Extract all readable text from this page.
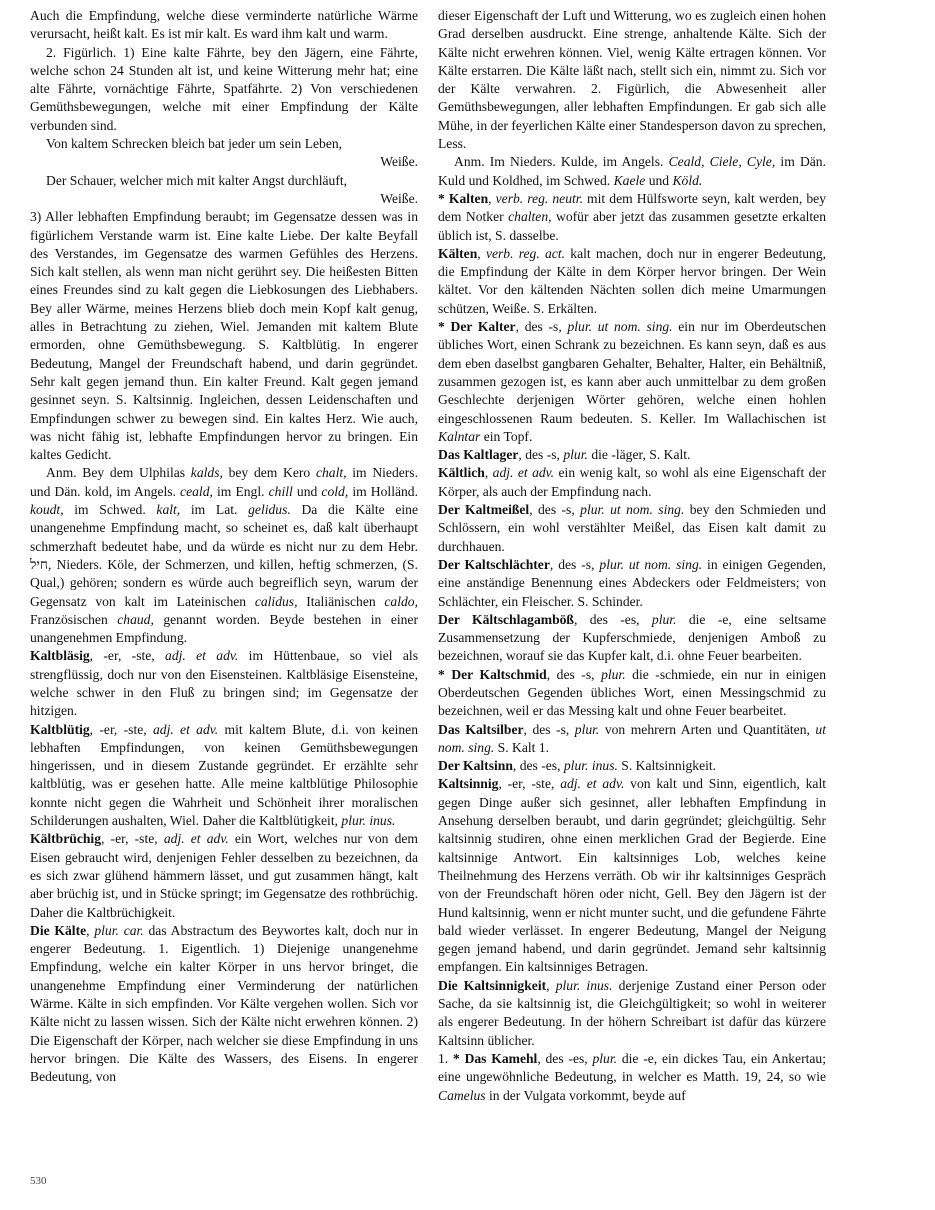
Auch die Empfindung, welche diese verminderte natürliche Wärme verursacht, heißt kalt. Es ist mir kalt. Es ward ihm kalt und warm.

2. Figürlich. 1) Eine kalte Fährte, bey den Jägern, eine Fährte, welche schon 24 Stunden alt ist, und keine Witterung mehr hat; eine alte Fährte, vornächtige Fährte, Spatfährte. 2) Von verschiedenen Gemüthsbewegungen, welche mit einer Empfindung der Kälte verbunden sind.

Von kaltem Schrecken bleich bat jeder um sein Leben,

Weiße.

Der Schauer, welcher mich mit kalter Angst durchläuft,

Weiße.

3) Aller lebhaften Empfindung beraubt; im Gegensatze dessen was in figürlichem Verstande warm ist. Eine kalte Liebe. Der kalte Beyfall des Verstandes, im Gegensatze des warmen Gefühles des Herzens. Sich kalt stellen, als wenn man nicht gerührt sey. Die heißesten Bitten eines Freundes sind zu kalt gegen die Liebkosungen des Liebhabers. Bey aller Wärme, meines Herzens blieb doch mein Kopf kalt genug, alles in Betrachtung zu ziehen, Wiel. Jemanden mit kaltem Blute ermorden, ohne Gemüthsbewegung. S. Kaltblütig. In engerer Bedeutung, Mangel der Freundschaft habend, und darin gegründet. Sehr kalt gegen jemand thun. Ein kalter Freund. Kalt gegen jemand gesinnet seyn. S. Kaltsinnig. Ingleichen, dessen Leidenschaften und Empfindungen schwer zu bewegen sind. Ein kaltes Herz. Wie auch, was nicht fähig ist, lebhafte Empfindungen hervor zu bringen. Ein kaltes Gedicht.

Anm. Bey dem Ulphilas kalds, bey dem Kero chalt, im Nieders. und Dän. kold, im Angels. ceald, im Engl. chill und cold, im Holländ. koudt, im Schwed. kalt, im Lat. gelidus. Da die Kälte eine unangenehme Empfindung macht, so scheinet es, daß kalt überhaupt schmerzhaft bedeutet habe, und da würde es nicht nur zu dem Hebr. חיל, Nieders. Köle, der Schmerzen, und killen, heftig schmerzen, (S. Qual,) gehören; sondern es würde auch begreiflich seyn, warum der Gegensatz von kalt im Lateinischen calidus, Italiänischen caldo, Französischen chaud, genannt worden. Beyde bestehen in einer unangenehmen Empfindung.

Kaltbläsig, -er, -ste, adj. et adv. im Hüttenbaue, so viel als strengflüssig, doch nur von den Eisensteinen. Kaltbläsige Eisensteine, welche schwer in den Fluß zu bringen sind; im Gegensatze der hitzigen.

Kaltblütig, -er, -ste, adj. et adv. mit kaltem Blute, d.i. von keinen lebhaften Empfindungen, von keinen Gemüthsbewegungen hingerissen, und in diesem Zustande gegründet. Er erzählte sehr kaltblütig, was er gesehen hatte. Alle meine kaltblütige Philosophie konnte nicht gegen die Wahrheit und Schönheit ihrer moralischen Schilderungen aushalten, Wiel. Daher die Kaltblütigkeit, plur. inus.

Kältbrüchig, -er, -ste, adj. et adv. ein Wort, welches nur von dem Eisen gebraucht wird, denjenigen Fehler desselben zu bezeichnen, da es sich zwar glühend hämmern lässet, und gut zusammen hängt, kalt aber brüchig ist, und in Stücke springt; im Gegensatze des rothbrüchig. Daher die Kaltbrüchigkeit.

Die Kälte, plur. car. das Abstractum des Beywortes kalt, doch nur in engerer Bedeutung. 1. Eigentlich. 1) Diejenige unangenehme Empfindung, welche ein kalter Körper in uns hervor bringet, die unangenehme Empfindung einer Verminderung der natürlichen Wärme. Kälte in sich empfinden. Vor Kälte vergehen wollen. Sich vor Kälte nicht zu lassen wissen. Sich der Kälte nicht erwehren können. 2) Die Eigenschaft der Körper, nach welcher sie diese Empfindung in uns hervor bringen. Die Kälte des Wassers, des Eisens. In engerer Bedeutung, von

dieser Eigenschaft der Luft und Witterung, wo es zugleich einen hohen Grad derselben ausdruckt. Eine strenge, anhaltende Kälte. Sich der Kälte nicht erwehren können. Viel, wenig Kälte ertragen können. Vor Kälte erstarren. Die Kälte läßt nach, stellt sich ein, nimmt zu. Sich vor der Kälte verwahren. 2. Figürlich, die Abwesenheit aller Gemüthsbewegungen, aller lebhaften Empfindungen. Er gab sich alle Mühe, in der feyerlichen Kälte einer Standesperson davon zu sprechen, Less.

Anm. Im Nieders. Kulde, im Angels. Ceald, Ciele, Cyle, im Dän. Kuld und Koldhed, im Schwed. Kaele und Köld.

* Kalten, verb. reg. neutr. mit dem Hülfsworte seyn, kalt werden, bey dem Notker chalten, wofür aber jetzt das zusammen gesetzte erkalten üblich ist, S. dasselbe.

Kälten, verb. reg. act. kalt machen, doch nur in engerer Bedeutung, die Empfindung der Kälte in dem Körper hervor bringen. Der Wein kältet. Vor den kältenden Nächten sollen dich meine Umarmungen schützen, Weiße. S. Erkälten.

* Der Kalter, des -s, plur. ut nom. sing. ein nur im Oberdeutschen übliches Wort, einen Schrank zu bezeichnen. Es kann seyn, daß es aus dem eben daselbst gangbaren Gehalter, Behalter, Halter, ein Behältniß, zusammen gezogen ist, es kann aber auch unmittelbar zu dem großen Geschlechte derjenigen Wörter gehören, welche einen hohlen eingeschlossenen Raum bedeuten. S. Keller. Im Wallachischen ist Kalntar ein Topf.

Das Kaltlager, des -s, plur. die -läger, S. Kalt.

Kältlich, adj. et adv. ein wenig kalt, so wohl als eine Eigenschaft der Körper, als auch der Empfindung nach.

Der Kaltmeißel, des -s, plur. ut nom. sing. bey den Schmieden und Schlössern, ein wohl verstählter Meißel, das Eisen kalt damit zu durchhauen.

Der Kaltschlächter, des -s, plur. ut nom. sing. in einigen Gegenden, eine anständige Benennung eines Abdeckers oder Feldmeisters; von Schlächter, ein Fleischer. S. Schinder.

Der Kältschlagamböß, des -es, plur. die -e, eine seltsame Zusammensetzung der Kupferschmiede, denjenigen Amboß zu bezeichnen, worauf sie das Kupfer kalt, d.i. ohne Feuer bearbeiten.

* Der Kaltschmid, des -s, plur. die -schmiede, ein nur in einigen Oberdeutschen Gegenden übliches Wort, einen Messingschmid zu bezeichnen, weil er das Messing kalt und ohne Feuer bearbeitet.

Das Kaltsilber, des -s, plur. von mehrern Arten und Quantitäten, ut nom. sing. S. Kalt 1.

Der Kaltsinn, des -es, plur. inus. S. Kaltsinnigkeit.

Kaltsinnig, -er, -ste, adj. et adv. von kalt und Sinn, eigentlich, kalt gegen Dinge außer sich gesinnet, aller lebhaften Empfindung in Ansehung derselben beraubt, und darin gegründet; gleichgültig. Sehr kaltsinnig studiren, ohne einen merklichen Grad der Begierde. Eine kaltsinnige Antwort. Ein kaltsinniges Lob, welches keine Theilnehmung des Herzens verräth. Ob wir ihr kaltsinniges Gespräch von der Freundschaft hören oder nicht, Gell. Bey den Jägern ist der Hund kaltsinnig, wenn er nicht munter sucht, und die gefundene Fährte bald wieder verlässet. In engerer Bedeutung, Mangel der Neigung gegen jemand habend, und darin gegründet. Jemand sehr kaltsinnig empfangen. Ein kaltsinniges Betragen.

Die Kaltsinnigkeit, plur. inus. derjenige Zustand einer Person oder Sache, da sie kaltsinnig ist, die Gleichgültigkeit; so wohl in weiterer als engerer Bedeutung. In der höhern Schreibart ist dafür das kürzere Kaltsinn üblicher.

1. * Das Kamehl, des -es, plur. die -e, ein dickes Tau, ein Ankertau; eine ungewöhnliche Bedeutung, in welcher es Matth. 19, 24, so wie Camelus in der Vulgata vorkommt, beyde auf

530
